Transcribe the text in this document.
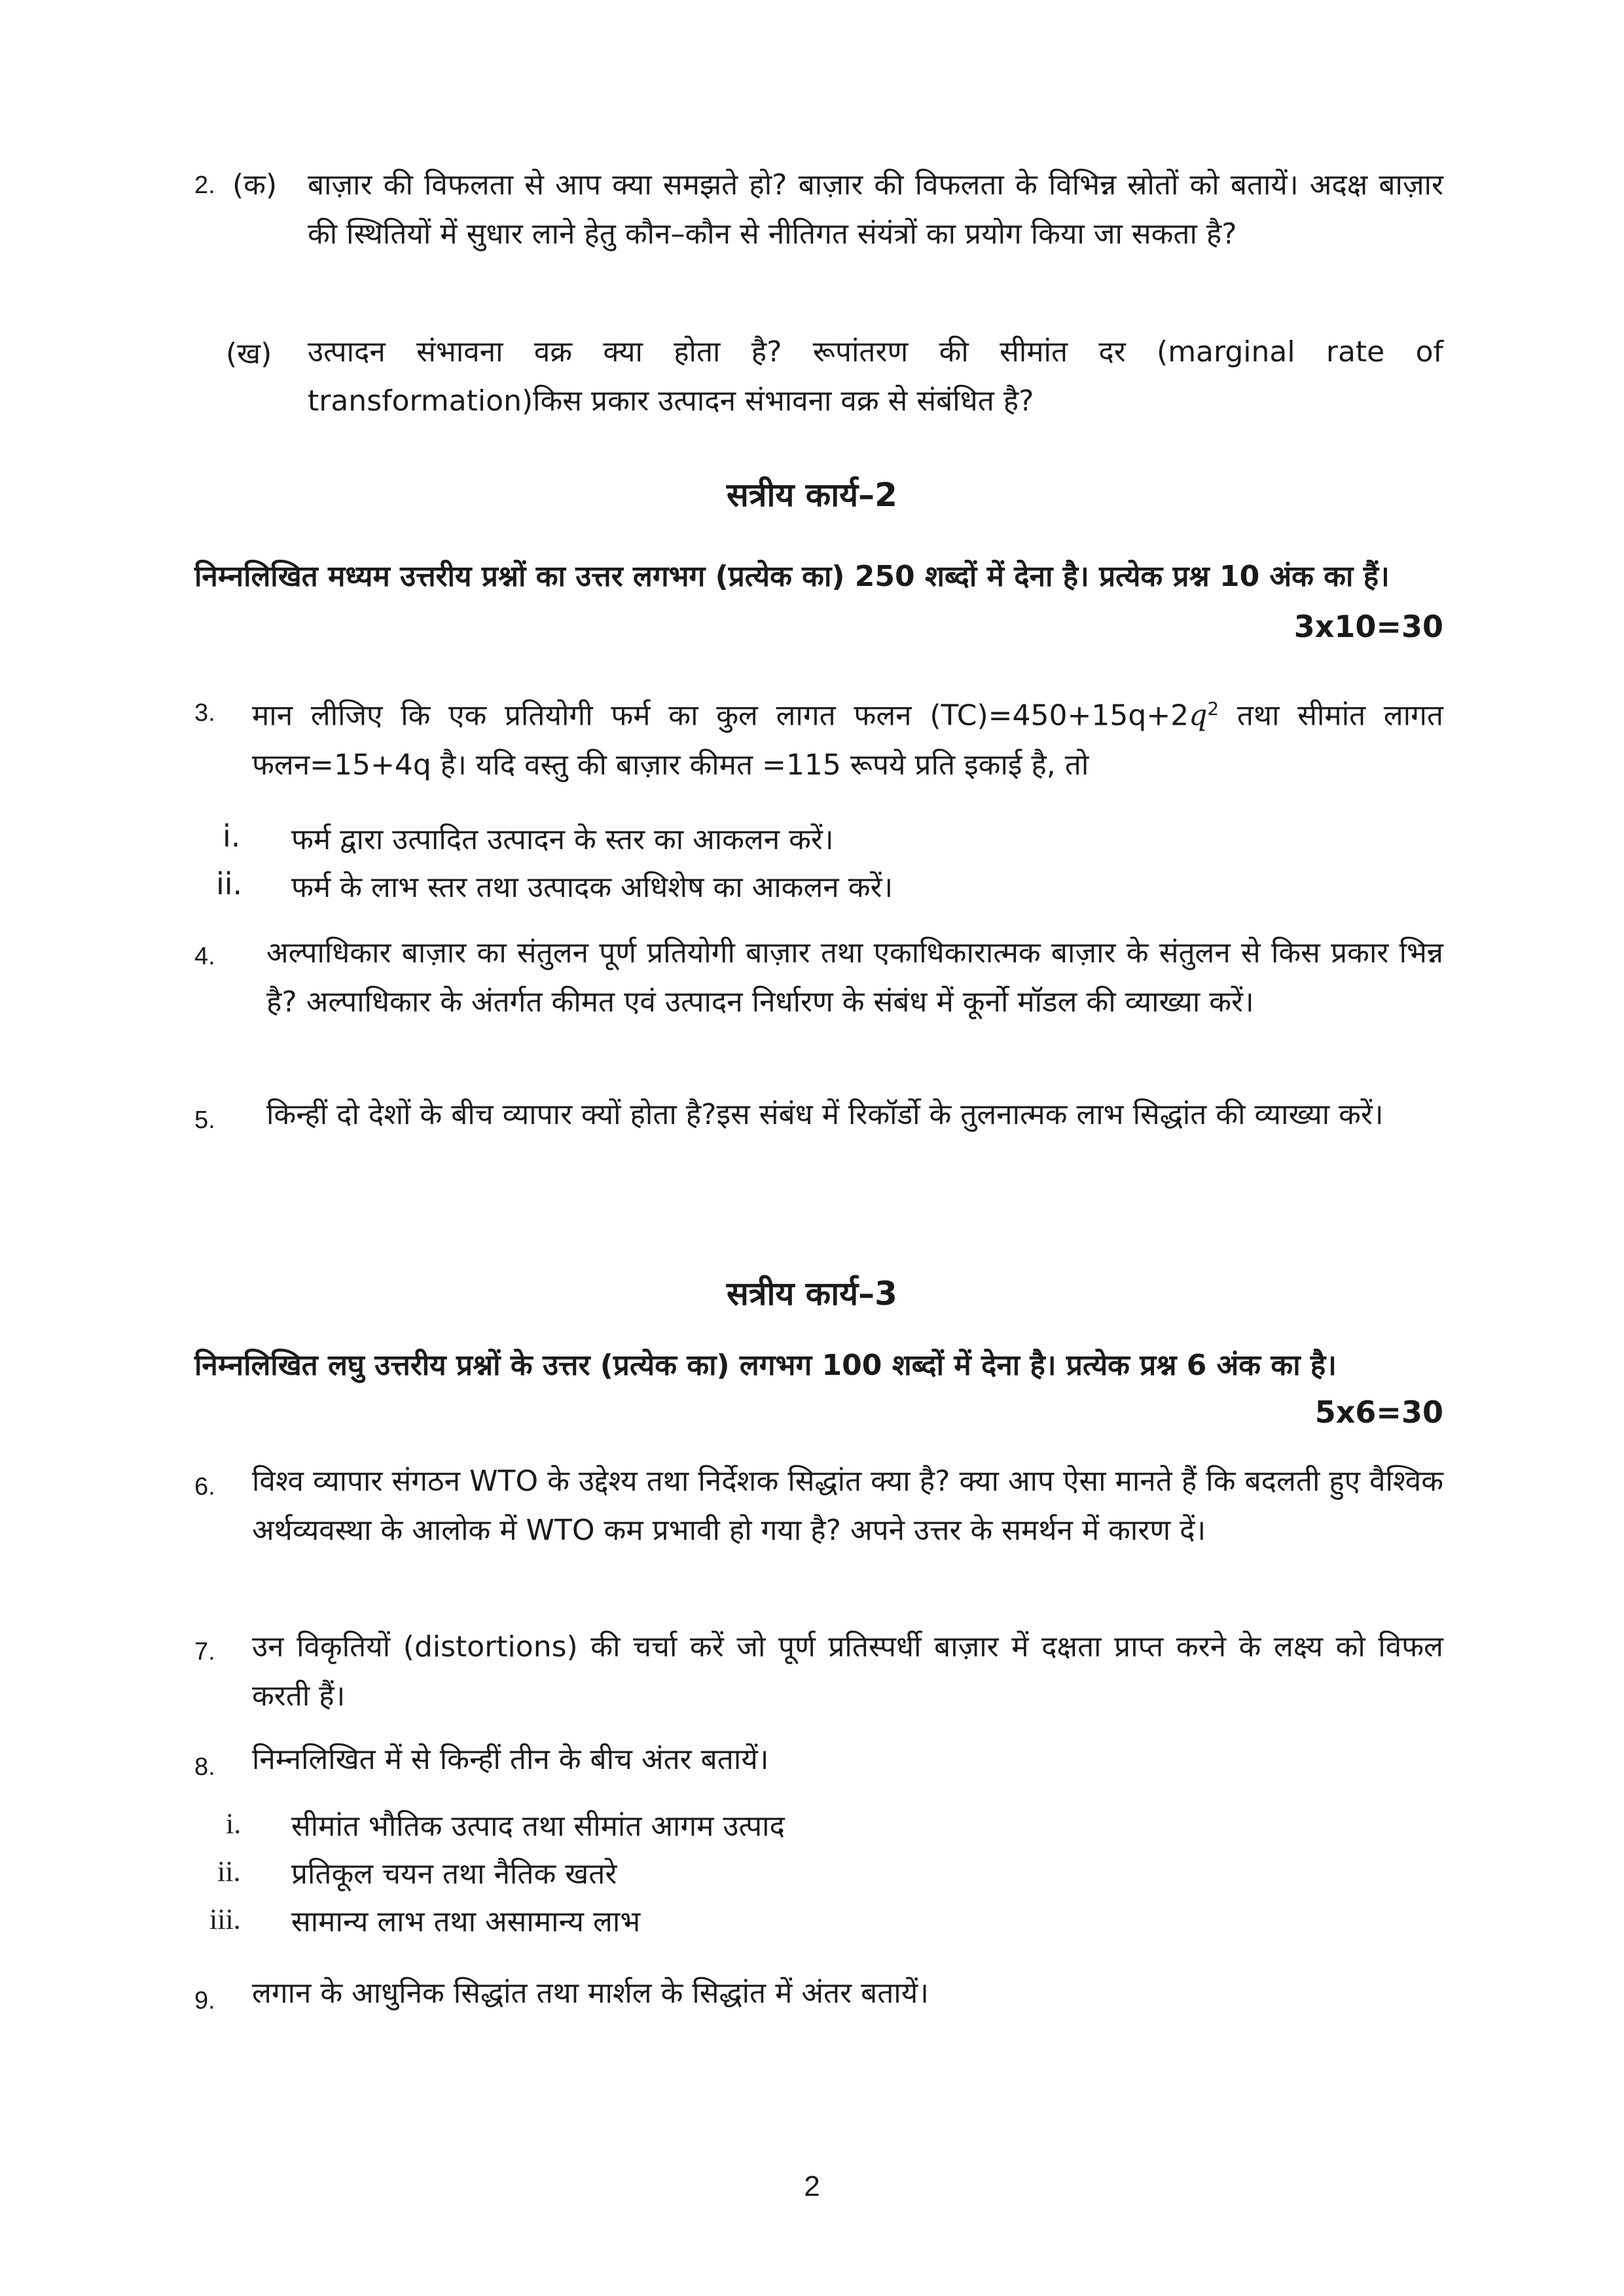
2. (क) बाज़ार की विफलता से आप क्या समझते हो? बाज़ार की विफलता के विभिन्न स्रोतों को बतायें। अदक्ष बाज़ार की स्थितियों में सुधार लाने हेतु कौन–कौन से नीतिगत संयंत्रों का प्रयोग किया जा सकता है?
(ख) उत्पादन संभावना वक्र क्या होता है? रूपांतरण की सीमांत दर (marginal rate of transformation)किस प्रकार उत्पादन संभावना वक्र से संबंधित है?
सत्रीय कार्य–2
निम्नलिखित मध्यम उत्तरीय प्रश्नों का उत्तर लगभग (प्रत्येक का) 250 शब्दों में देना है। प्रत्येक प्रश्न 10 अंक का हैं।
3x10=30
3. मान लीजिए कि एक प्रतियोगी फर्म का कुल लागत फलन $(TC)=450+15q+2q^2$ तथा सीमांत लागत फलन=15+4q है। यदि वस्तु की बाज़ार कीमत =115 रूपये प्रति इकाई है, तो
i. फर्म द्वारा उत्पादित उत्पादन के स्तर का आकलन करें।
ii. फर्म के लाभ स्तर तथा उत्पादक अधिशेष का आकलन करें।
4. अल्पाधिकार बाज़ार का संतुलन पूर्ण प्रतियोगी बाज़ार तथा एकाधिकारात्मक बाज़ार के संतुलन से किस प्रकार भिन्न है? अल्पाधिकार के अंतर्गत कीमत एवं उत्पादन निर्धारण के संबंध में कूर्नो मॉडल की व्याख्या करें।
5. किन्हीं दो देशों के बीच व्यापार क्यों होता है?इस संबंध में रिकॉर्डो के तुलनात्मक लाभ सिद्धांत की व्याख्या करें।
सत्रीय कार्य–3
निम्नलिखित लघु उत्तरीय प्रश्नों के उत्तर (प्रत्येक का) लगभग 100 शब्दों में देना है। प्रत्येक प्रश्न 6 अंक का है।
5x6=30
6. विश्व व्यापार संगठन WTO के उद्देश्य तथा निर्देशक सिद्धांत क्या है? क्या आप ऐसा मानते हैं कि बदलती हुए वैश्विक अर्थव्यवस्था के आलोक में WTO कम प्रभावी हो गया है? अपने उत्तर के समर्थन में कारण दें।
7. उन विकृतियों (distortions) की चर्चा करें जो पूर्ण प्रतिस्पर्धी बाज़ार में दक्षता प्राप्त करने के लक्ष्य को विफल करती हैं।
8. निम्नलिखित में से किन्हीं तीन के बीच अंतर बतायें।
i. सीमांत भौतिक उत्पाद तथा सीमांत आगम उत्पाद
ii. प्रतिकूल चयन तथा नैतिक खतरे
iii. सामान्य लाभ तथा असामान्य लाभ
9. लगान के आधुनिक सिद्धांत तथा मार्शल के सिद्धांत में अंतर बतायें।
2
